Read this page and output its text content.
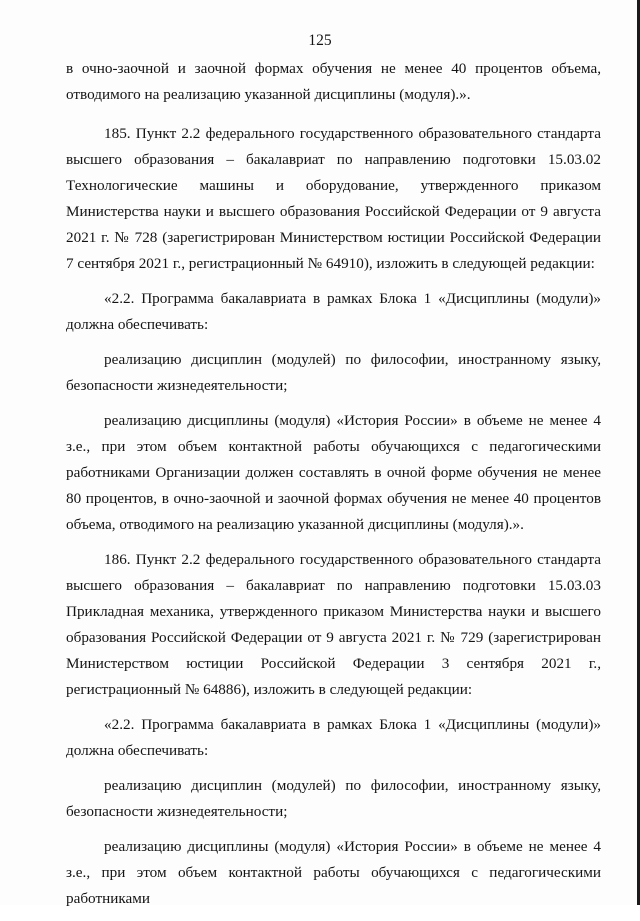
125

в очно-заочной и заочной формах обучения не менее 40 процентов объема, отводимого на реализацию указанной дисциплины (модуля).».

185. Пункт 2.2 федерального государственного образовательного стандарта высшего образования – бакалавриат по направлению подготовки 15.03.02 Технологические машины и оборудование, утвержденного приказом Министерства науки и высшего образования Российской Федерации от 9 августа 2021 г. № 728 (зарегистрирован Министерством юстиции Российской Федерации 7 сентября 2021 г., регистрационный № 64910), изложить в следующей редакции:

«2.2. Программа бакалавриата в рамках Блока 1 «Дисциплины (модули)» должна обеспечивать:

реализацию дисциплин (модулей) по философии, иностранному языку, безопасности жизнедеятельности;

реализацию дисциплины (модуля) «История России» в объеме не менее 4 з.е., при этом объем контактной работы обучающихся с педагогическими работниками Организации должен составлять в очной форме обучения не менее 80 процентов, в очно-заочной и заочной формах обучения не менее 40 процентов объема, отводимого на реализацию указанной дисциплины (модуля).».

186. Пункт 2.2 федерального государственного образовательного стандарта высшего образования – бакалавриат по направлению подготовки 15.03.03 Прикладная механика, утвержденного приказом Министерства науки и высшего образования Российской Федерации от 9 августа 2021 г. № 729 (зарегистрирован Министерством юстиции Российской Федерации 3 сентября 2021 г., регистрационный № 64886), изложить в следующей редакции:

«2.2. Программа бакалавриата в рамках Блока 1 «Дисциплины (модули)» должна обеспечивать:

реализацию дисциплин (модулей) по философии, иностранному языку, безопасности жизнедеятельности;

реализацию дисциплины (модуля) «История России» в объеме не менее 4 з.е., при этом объем контактной работы обучающихся с педагогическими работниками
